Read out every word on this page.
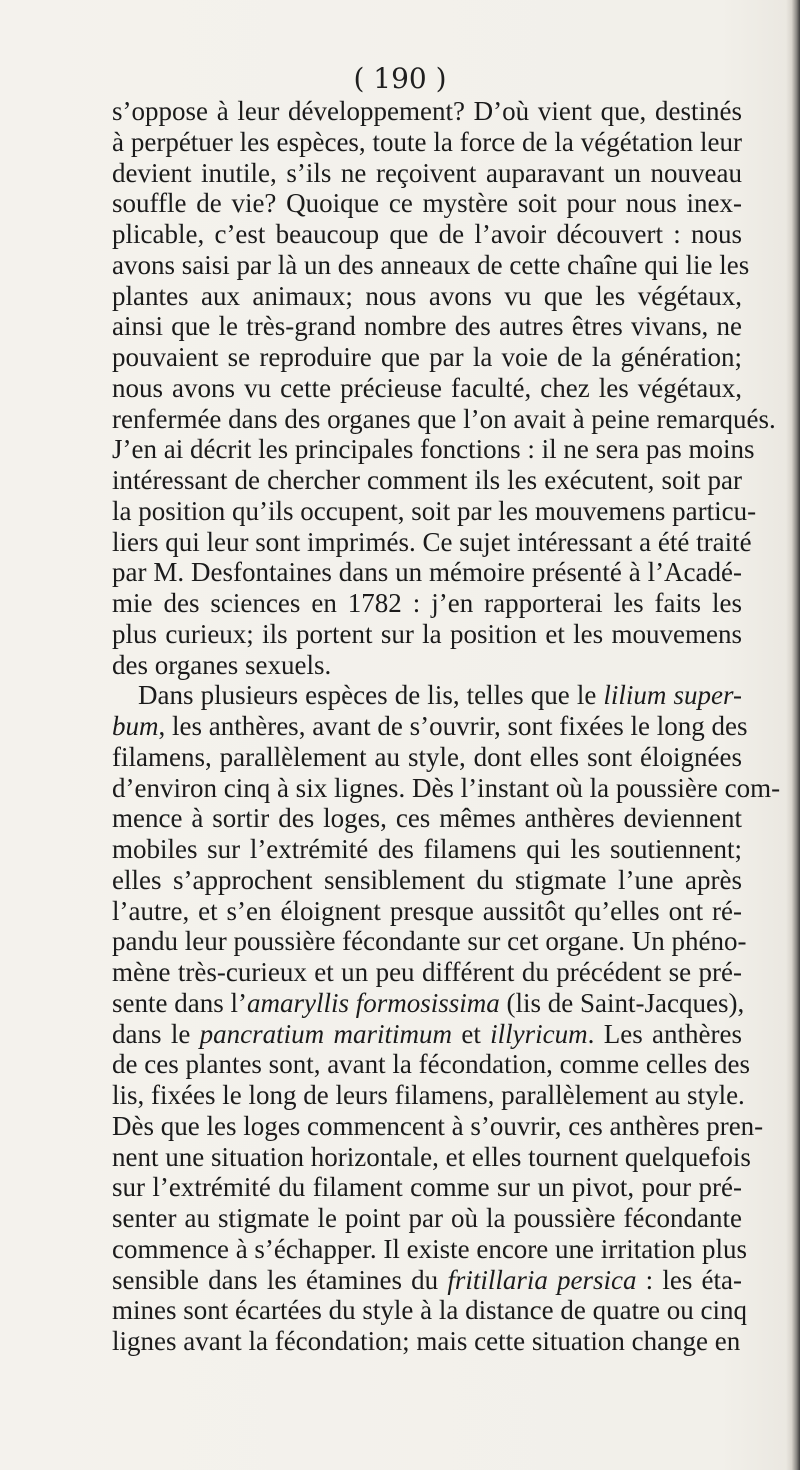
( 190 )
s’oppose à leur développement? D’où vient que, destinés
à perpétuer les espèces, toute la force de la végétation leur
devient inutile, s’ils ne reçoivent auparavant un nouveau
souffle de vie? Quoique ce mystère soit pour nous inex-
plicable, c’est beaucoup que de l’avoir découvert : nous
avons saisi par là un des anneaux de cette chaîne qui lie les
plantes aux animaux; nous avons vu que les végétaux,
ainsi que le très-grand nombre des autres êtres vivans, ne
pouvaient se reproduire que par la voie de la génération;
nous avons vu cette précieuse faculté, chez les végétaux,
renfermée dans des organes que l’on avait à peine remarqués.
J’en ai décrit les principales fonctions : il ne sera pas moins
intéressant de chercher comment ils les exécutent, soit par
la position qu’ils occupent, soit par les mouvemens particu-
liers qui leur sont imprimés. Ce sujet intéressant a été traité
par M. Desfontaines dans un mémoire présenté à l’Acadé-
mie des sciences en 1782 : j’en rapporterai les faits les
plus curieux; ils portent sur la position et les mouvemens
des organes sexuels.
Dans plusieurs espèces de lis, telles que le lilium super-
bum, les anthères, avant de s’ouvrir, sont fixées le long des
filamens, parallèlement au style, dont elles sont éloignées
d’environ cinq à six lignes. Dès l’instant où la poussière com-
mence à sortir des loges, ces mêmes anthères deviennent
mobiles sur l’extrémité des filamens qui les soutiennent;
elles s’approchent sensiblement du stigmate l’une après
l’autre, et s’en éloignent presque aussitôt qu’elles ont ré-
pandu leur poussière fécondante sur cet organe. Un phéno-
mène très-curieux et un peu différent du précédent se pré-
sente dans l’amaryllis formosissima (lis de Saint-Jacques),
dans le pancratium maritimum et illyricum. Les anthères
de ces plantes sont, avant la fécondation, comme celles des
lis, fixées le long de leurs filamens, parallèlement au style.
Dès que les loges commencent à s’ouvrir, ces anthères pren-
nent une situation horizontale, et elles tournent quelquefois
sur l’extrémité du filament comme sur un pivot, pour pré-
senter au stigmate le point par où la poussière fécondante
commence à s’échapper. Il existe encore une irritation plus
sensible dans les étamines du fritillaria persica : les éta-
mines sont écartées du style à la distance de quatre ou cinq
lignes avant la fécondation; mais cette situation change en
